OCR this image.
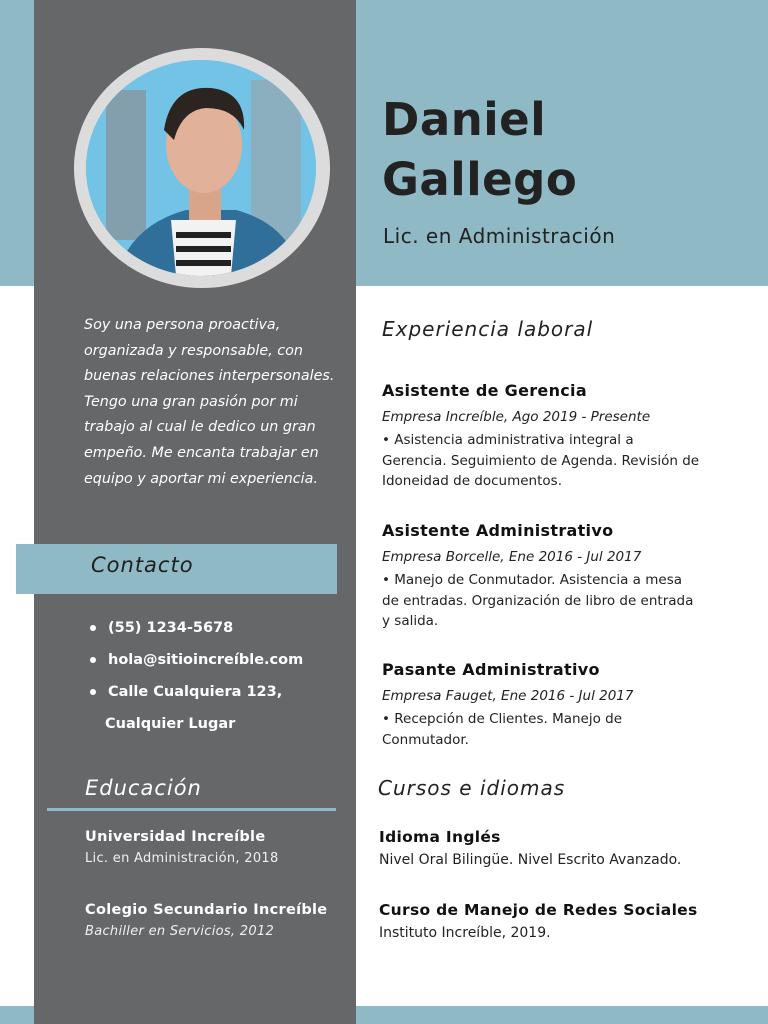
Daniel
Gallego
Lic. en Administración
Soy una persona proactiva, organizada y responsable, con buenas relaciones interpersonales. Tengo una gran pasión por mi trabajo al cual le dedico un gran empeño. Me encanta trabajar en equipo y aportar mi experiencia.
Contacto
(55) 1234-5678
hola@sitioincreíble.com
Calle Cualquiera 123,
Cualquier Lugar
Educación
Universidad Increíble
Lic. en Administración, 2018
Colegio Secundario Increíble
Bachiller en Servicios, 2012
Experiencia laboral
Asistente de Gerencia
Empresa Increíble, Ago 2019 - Presente
• Asistencia administrativa integral a Gerencia. Seguimiento de Agenda. Revisión de Idoneidad de documentos.
Asistente Administrativo
Empresa Borcelle, Ene 2016 - Jul 2017
• Manejo de Conmutador. Asistencia a mesa de entradas. Organización de libro de entrada y salida.
Pasante Administrativo
Empresa Fauget, Ene 2016 - Jul 2017
• Recepción de Clientes. Manejo de Conmutador.
Cursos e idiomas
Idioma Inglés
Nivel Oral Bilingüe. Nivel Escrito Avanzado.
Curso de Manejo de Redes Sociales
Instituto Increíble, 2019.
